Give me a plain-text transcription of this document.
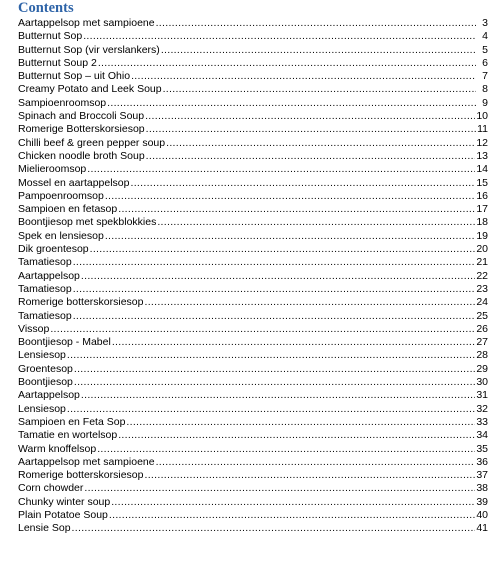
Contents
Aartappelsop met sampioene .....	3
Butternut Sop .....	4
Butternut Sop (vir verslankers) .....	5
Butternut Soup 2 .....	6
Butternut Sop – uit Ohio .....	7
Creamy Potato and Leek Soup .....	8
Sampioenroomsop .....	9
Spinach and Broccoli Soup .....	10
Romerige Botterskorsiesop .....	11
Chilli beef & green pepper soup .....	12
Chicken noodle broth Soup .....	13
Mielieroomsop .....	14
Mossel en aartappelsop .....	15
Pampoenroomsop .....	16
Sampioen en fetasop .....	17
Boontjiesop met spekblokkies .....	18
Spek en lensiesop .....	19
Dik groentesop .....	20
Tamatiesop .....	21
Aartappelsop .....	22
Tamatiesop .....	23
Romerige botterskorsiesop .....	24
Tamatiesop .....	25
Vissop .....	26
Boontjiesop - Mabel .....	27
Lensiesop .....	28
Groentesop .....	29
Boontjiesop .....	30
Aartappelsop .....	31
Lensiesop .....	32
Sampioen en Feta Sop .....	33
Tamatie en wortelsop .....	34
Warm knoffelsop .....	35
Aartappelsop met sampioene .....	36
Romerige botterskorsiesop .....	37
Corn chowder .....	38
Chunky winter soup .....	39
Plain Potatoe Soup .....	40
Lensie Sop .....	41
